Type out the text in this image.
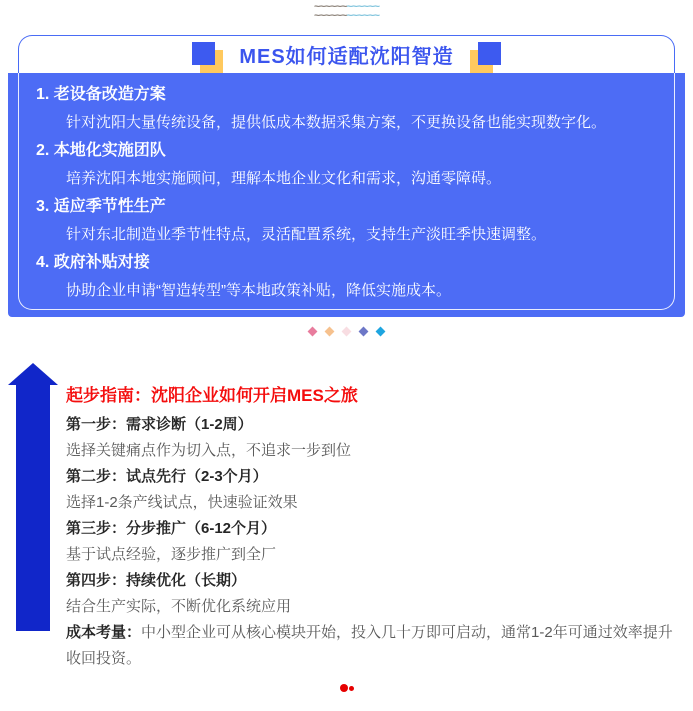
~~~~~~~~~~~~
~~~~~~~~~~~~
MES如何适配沈阳智造

1. 老设备改造方案

针对沈阳大量传统设备，提供低成本数据采集方案，不更换设备也能实现数字化。

2. 本地化实施团队

培养沈阳本地实施顾问，理解本地企业文化和需求，沟通零障碍。

3. 适应季节性生产

针对东北制造业季节性特点，灵活配置系统，支持生产淡旺季快速调整。

4. 政府补贴对接

协助企业申请“智造转型”等本地政策补贴，降低实施成本。

起步指南：沈阳企业如何开启MES之旅

第一步：需求诊断（1-2周）

选择关键痛点作为切入点，不追求一步到位

第二步：试点先行（2-3个月）

选择1-2条产线试点，快速验证效果

第三步：分步推广（6-12个月）

基于试点经验，逐步推广到全厂

第四步：持续优化（长期）

结合生产实际，不断优化系统应用

成本考量：中小型企业可从核心模块开始，投入几十万即可启动，通常1-2年可通过效率提升收回投资。
